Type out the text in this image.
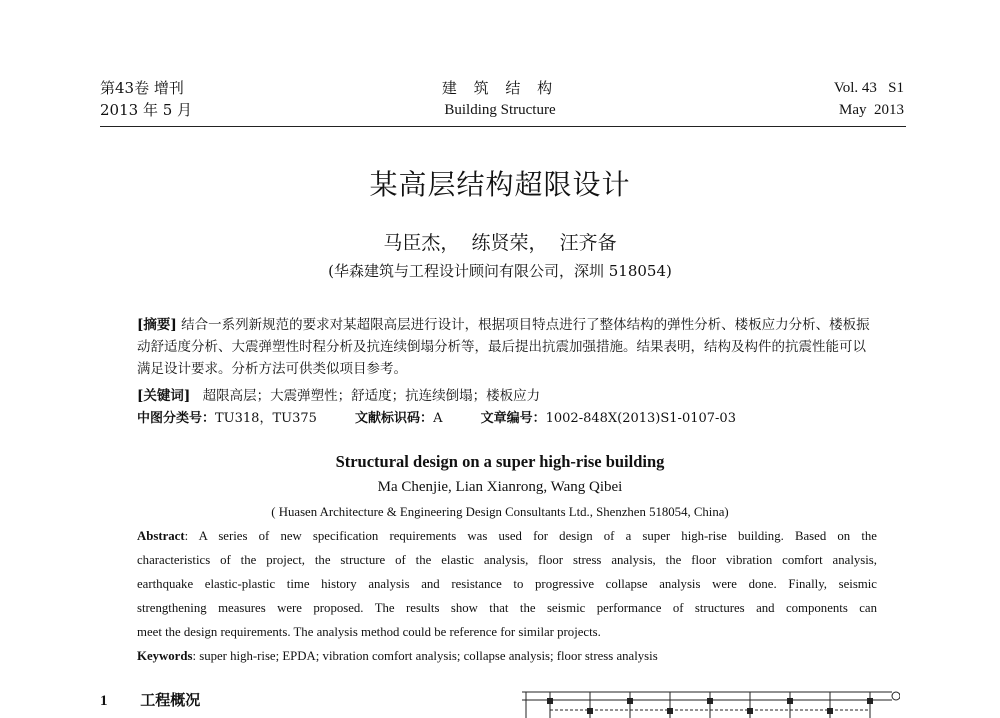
第43卷 增刊
2013 年 5 月
建 筑 结 构
Building Structure
Vol. 43   S1
May  2013
某高层结构超限设计
马臣杰，  练贤荣，  汪齐备
(华森建筑与工程设计顾问有限公司，深圳 518054)
[摘要] 结合一系列新规范的要求对某超限高层进行设计，根据项目特点进行了整体结构的弹性分析、楼板应力分析、楼板振动舒适度分析、大震弹塑性时程分析及抗连续倒塌分析等，最后提出抗震加强措施。结果表明，结构及构件的抗震性能可以满足设计要求。分析方法可供类似项目参考。
[关键词] 超限高层；大震弹塑性；舒适度；抗连续倒塌；楼板应力
中图分类号：TU318，TU375	文献标识码：A	文章编号：1002-848X(2013)S1-0107-03
Structural design on a super high-rise building
Ma Chenjie, Lian Xianrong, Wang Qibei
( Huasen Architecture & Engineering Design Consultants Ltd., Shenzhen 518054, China)
Abstract: A series of new specification requirements was used for design of a super high-rise building. Based on the
characteristics of the project, the structure of the elastic analysis, floor stress analysis, the floor vibration comfort analysis,
earthquake elastic-plastic time history analysis and resistance to progressive collapse analysis were done. Finally, seismic
strengthening measures were proposed. The results show that the seismic performance of structures and components can
meet the design requirements. The analysis method could be reference for similar projects.
Keywords: super high-rise; EPDA; vibration comfort analysis; collapse analysis; floor stress analysis
1 工程概况
